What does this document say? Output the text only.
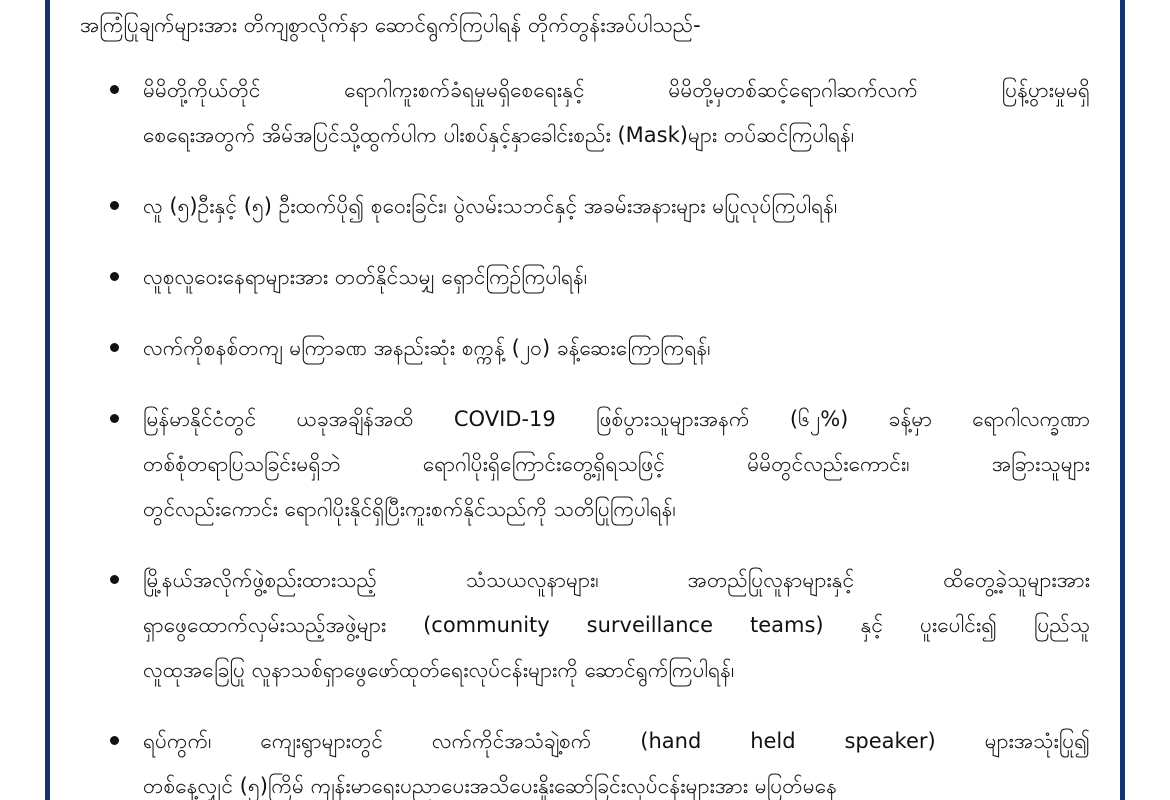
အကြံပြုချက်များအား တိကျစွာလိုက်နာ ဆောင်ရွက်ကြပါရန် တိုက်တွန်းအပ်ပါသည်-
မိမိတို့ကိုယ်တိုင် ရောဂါကူးစက်ခံရမှုမရှိစေရေးနှင့် မိမိတို့မှတစ်ဆင့်ရောဂါဆက်လက် ပြန့်ပွားမှုမရှိ
စေရေးအတွက် အိမ်အပြင်သို့ထွက်ပါက ပါးစပ်နှင့်နှာခေါင်းစည်း (Mask)များ တပ်ဆင်ကြပါရန်၊
လူ (၅)ဦးနှင့် (၅) ဦးထက်ပို၍ စုဝေးခြင်း၊ ပွဲလမ်းသဘင်နှင့် အခမ်းအနားများ မပြုလုပ်ကြပါရန်၊
လူစုလူဝေးနေရာများအား တတ်နိုင်သမျှ ရှောင်ကြဉ်ကြပါရန်၊
လက်ကိုစနစ်တကျ မကြာခဏ အနည်းဆုံး စက္ကန့် (၂၀) ခန့်ဆေးကြောကြရန်၊
မြန်မာနိုင်ငံတွင် ယခုအချိန်အထိ COVID-19 ဖြစ်ပွားသူများအနက် (၆၂%) ခန့်မှာ ရောဂါလက္ခဏာ
တစ်စုံတရာပြသခြင်းမရှိဘဲ ရောဂါပိုးရှိကြောင်းတွေ့ရှိရသဖြင့် မိမိတွင်လည်းကောင်း၊ အခြားသူများ
တွင်လည်းကောင်း ရောဂါပိုးနိုင်ရှိပြီးကူးစက်နိုင်သည်ကို သတိပြုကြပါရန်၊
မြို့နယ်အလိုက်ဖွဲ့စည်းထားသည့် သံသယလူနာများ၊ အတည်ပြုလူနာများနှင့် ထိတွေ့ခဲ့သူများအား
ရှာဖွေထောက်လှမ်းသည့်အဖွဲ့များ (community surveillance teams) နှင့် ပူးပေါင်း၍ ပြည်သူ
လူထုအခြေပြု လူနာသစ်ရှာဖွေဖော်ထုတ်ရေးလုပ်ငန်းများကို ဆောင်ရွက်ကြပါရန်၊
ရပ်ကွက်၊ ကျေးရွာများတွင် လက်ကိုင်အသံချဲ့စက် (hand held speaker) များအသုံးပြု၍
တစ်နေ့လျှင် (၅)ကြိမ် ကျန်းမာရေးပညာပေးအသိပေးနှိုးဆော်ခြင်းလုပ်ငန်းများအား မပြတ်မနေ
